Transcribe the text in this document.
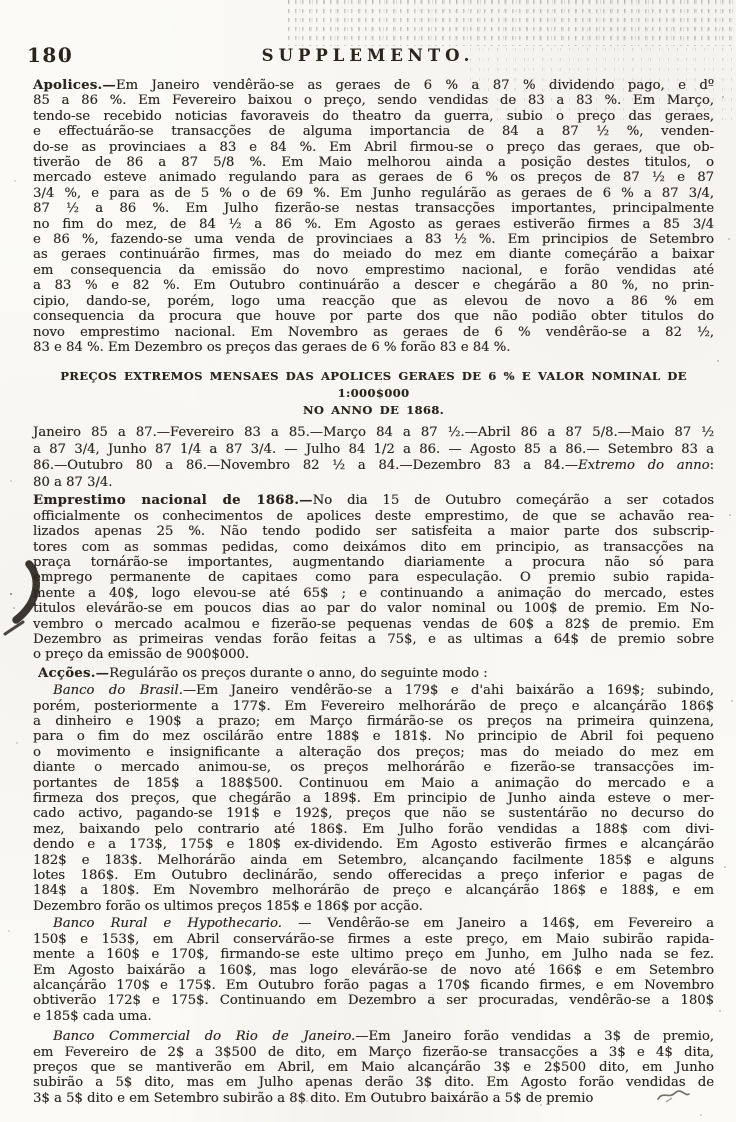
180	SUPPLEMENTO.
Apolices.—Em Janeiro vendêrão-se as geraes de 6 % a 87 % dividendo pago, e dº
85 a 86 %. Em Fevereiro baixou o preço, sendo vendidas de 83 a 83 %. Em Março,
tendo-se recebido noticias favoraveis do theatro da guerra, subio o preço das geraes,
e effectuárão-se transacções de alguma importancia de 84 a 87 ½ %, venden-
do-se as provinciaes a 83 e 84 %. Em Abril firmou-se o preço das geraes, que ob-
tiverão de 86 a 87 5/8 %. Em Maio melhorou ainda a posição destes titulos, o
mercado esteve animado regulando para as geraes de 6 % os preços de 87 ½ e 87
3/4 %, e para as de 5 % o de 69 %. Em Junho regulárão as geraes de 6 % a 87 3/4,
87 ½ a 86 %. Em Julho fizerão-se nestas transacções importantes, principalmente
no fim do mez, de 84 ½ a 86 %. Em Agosto as geraes estiverão firmes a 85 3/4
e 86 %, fazendo-se uma venda de provinciaes a 83 ½ %. Em principios de Setembro
as geraes continuárão firmes, mas do meiado do mez em diante começárão a baixar
em consequencia da emissão do novo emprestimo nacional, e forão vendidas até
a 83 % e 82 %. Em Outubro continuárão a descer e chegárão a 80 %, no prin-
cipio, dando-se, porém, logo uma reacção que as elevou de novo a 86 % em
consequencia da procura que houve por parte dos que não podião obter titulos do
novo emprestimo nacional. Em Novembro as geraes de 6 % vendêrão-se a 82 ½,
83 e 84 %. Em Dezembro os preços das geraes de 6 % forão 83 e 84 %.
PREÇOS EXTREMOS MENSAES DAS APOLICES GERAES DE 6 % E VALOR NOMINAL DE 1:000$000
NO ANNO DE 1868.
Janeiro 85 a 87.—Fevereiro 83 a 85.—Março 84 a 87 ½.—Abril 86 a 87 5/8.—Maio 87 ½
a 87 3/4, Junho 87 1/4 a 87 3/4. — Julho 84 1/2 a 86. — Agosto 85 a 86.— Setembro 83 a
86.—Outubro 80 a 86.—Novembro 82 ½ a 84.—Dezembro 83 a 84.—Extremo do anno:
80 a 87 3/4.
Emprestimo nacional de 1868.—No dia 15 de Outubro começárão a ser cotados
officialmente os conhecimentos de apolices deste emprestimo, de que se achavão rea-
lizados apenas 25 %. Não tendo podido ser satisfeita a maior parte dos subscrip-
tores com as sommas pedidas, como deixámos dito em principio, as transacções na
praça tornárão-se importantes, augmentando diariamente a procura não só para
emprego permanente de capitaes como para especulação. O premio subio rapida-
mente a 40$, logo elevou-se até 65$ ; e continuando a animação do mercado, estes
titulos elevárão-se em poucos dias ao par do valor nominal ou 100$ de premio. Em No-
vembro o mercado acalmou e fizerão-se pequenas vendas de 60$ a 82$ de premio. Em
Dezembro as primeiras vendas forão feitas a 75$, e as ultimas a 64$ de premio sobre
o preço da emissão de 900$000.
Acções.—Regulárão os preços durante o anno, do seguinte modo :
Banco do Brasil.—Em Janeiro vendêrão-se a 179$ e d'ahi baixárão a 169$; subindo,
porém, posteriormente a 177$. Em Fevereiro melhorárão de preço e alcançárão 186$
a dinheiro e 190$ a prazo; em Março firmárão-se os preços na primeira quinzena,
para o fim do mez oscilárão entre 188$ e 181$. No principio de Abril foi pequeno
o movimento e insignificante a alteração dos preços; mas do meiado do mez em
diante o mercado animou-se, os preços melhorárão e fizerão-se transacções im-
portantes de 185$ a 188$500. Continuou em Maio a animação do mercado e a
firmeza dos preços, que chegárão a 189$. Em principio de Junho ainda esteve o mer-
cado activo, pagando-se 191$ e 192$, preços que não se sustentárão no decurso do
mez, baixando pelo contrario até 186$. Em Julho forão vendidas a 188$ com divi-
dendo e a 173$, 175$ e 180$ ex-dividendo. Em Agosto estiverão firmes e alcançárão
182$ e 183$. Melhorárão ainda em Setembro, alcançando facilmente 185$ e alguns
lotes 186$. Em Outubro declinárão, sendo offerecidas a preço inferior e pagas de
184$ a 180$. Em Novembro melhorárão de preço e alcançárão 186$ e 188$, e em
Dezembro forão os ultimos preços 185$ e 186$ por acção.
Banco Rural e Hypothecario. — Vendêrão-se em Janeiro a 146$, em Fevereiro a
150$ e 153$, em Abril conservárão-se firmes a este preço, em Maio subirão rapida-
mente a 160$ e 170$, firmando-se este ultimo preço em Junho, em Julho nada se fez.
Em Agosto baixárão a 160$, mas logo elevárão-se de novo até 166$ e em Setembro
alcançárão 170$ e 175$. Em Outubro forão pagas a 170$ ficando firmes, e em Novembro
obtiverão 172$ e 175$. Continuando em Dezembro a ser procuradas, vendêrão-se a 180$
e 185$ cada uma.
Banco Commercial do Rio de Janeiro.—Em Janeiro forão vendidas a 3$ de premio,
em Fevereiro de 2$ a 3$500 de dito, em Março fizerão-se transacções a 3$ e 4$ dita,
preços que se mantiverão em Abril, em Maio alcançárão 3$ e 2$500 dito, em Junho
subirão a 5$ dito, mas em Julho apenas derão 3$ dito. Em Agosto forão vendidas de
3$ a 5$ dito e em Setembro subirão a 8$ dito. Em Outubro baixárão a 5$ de premio
